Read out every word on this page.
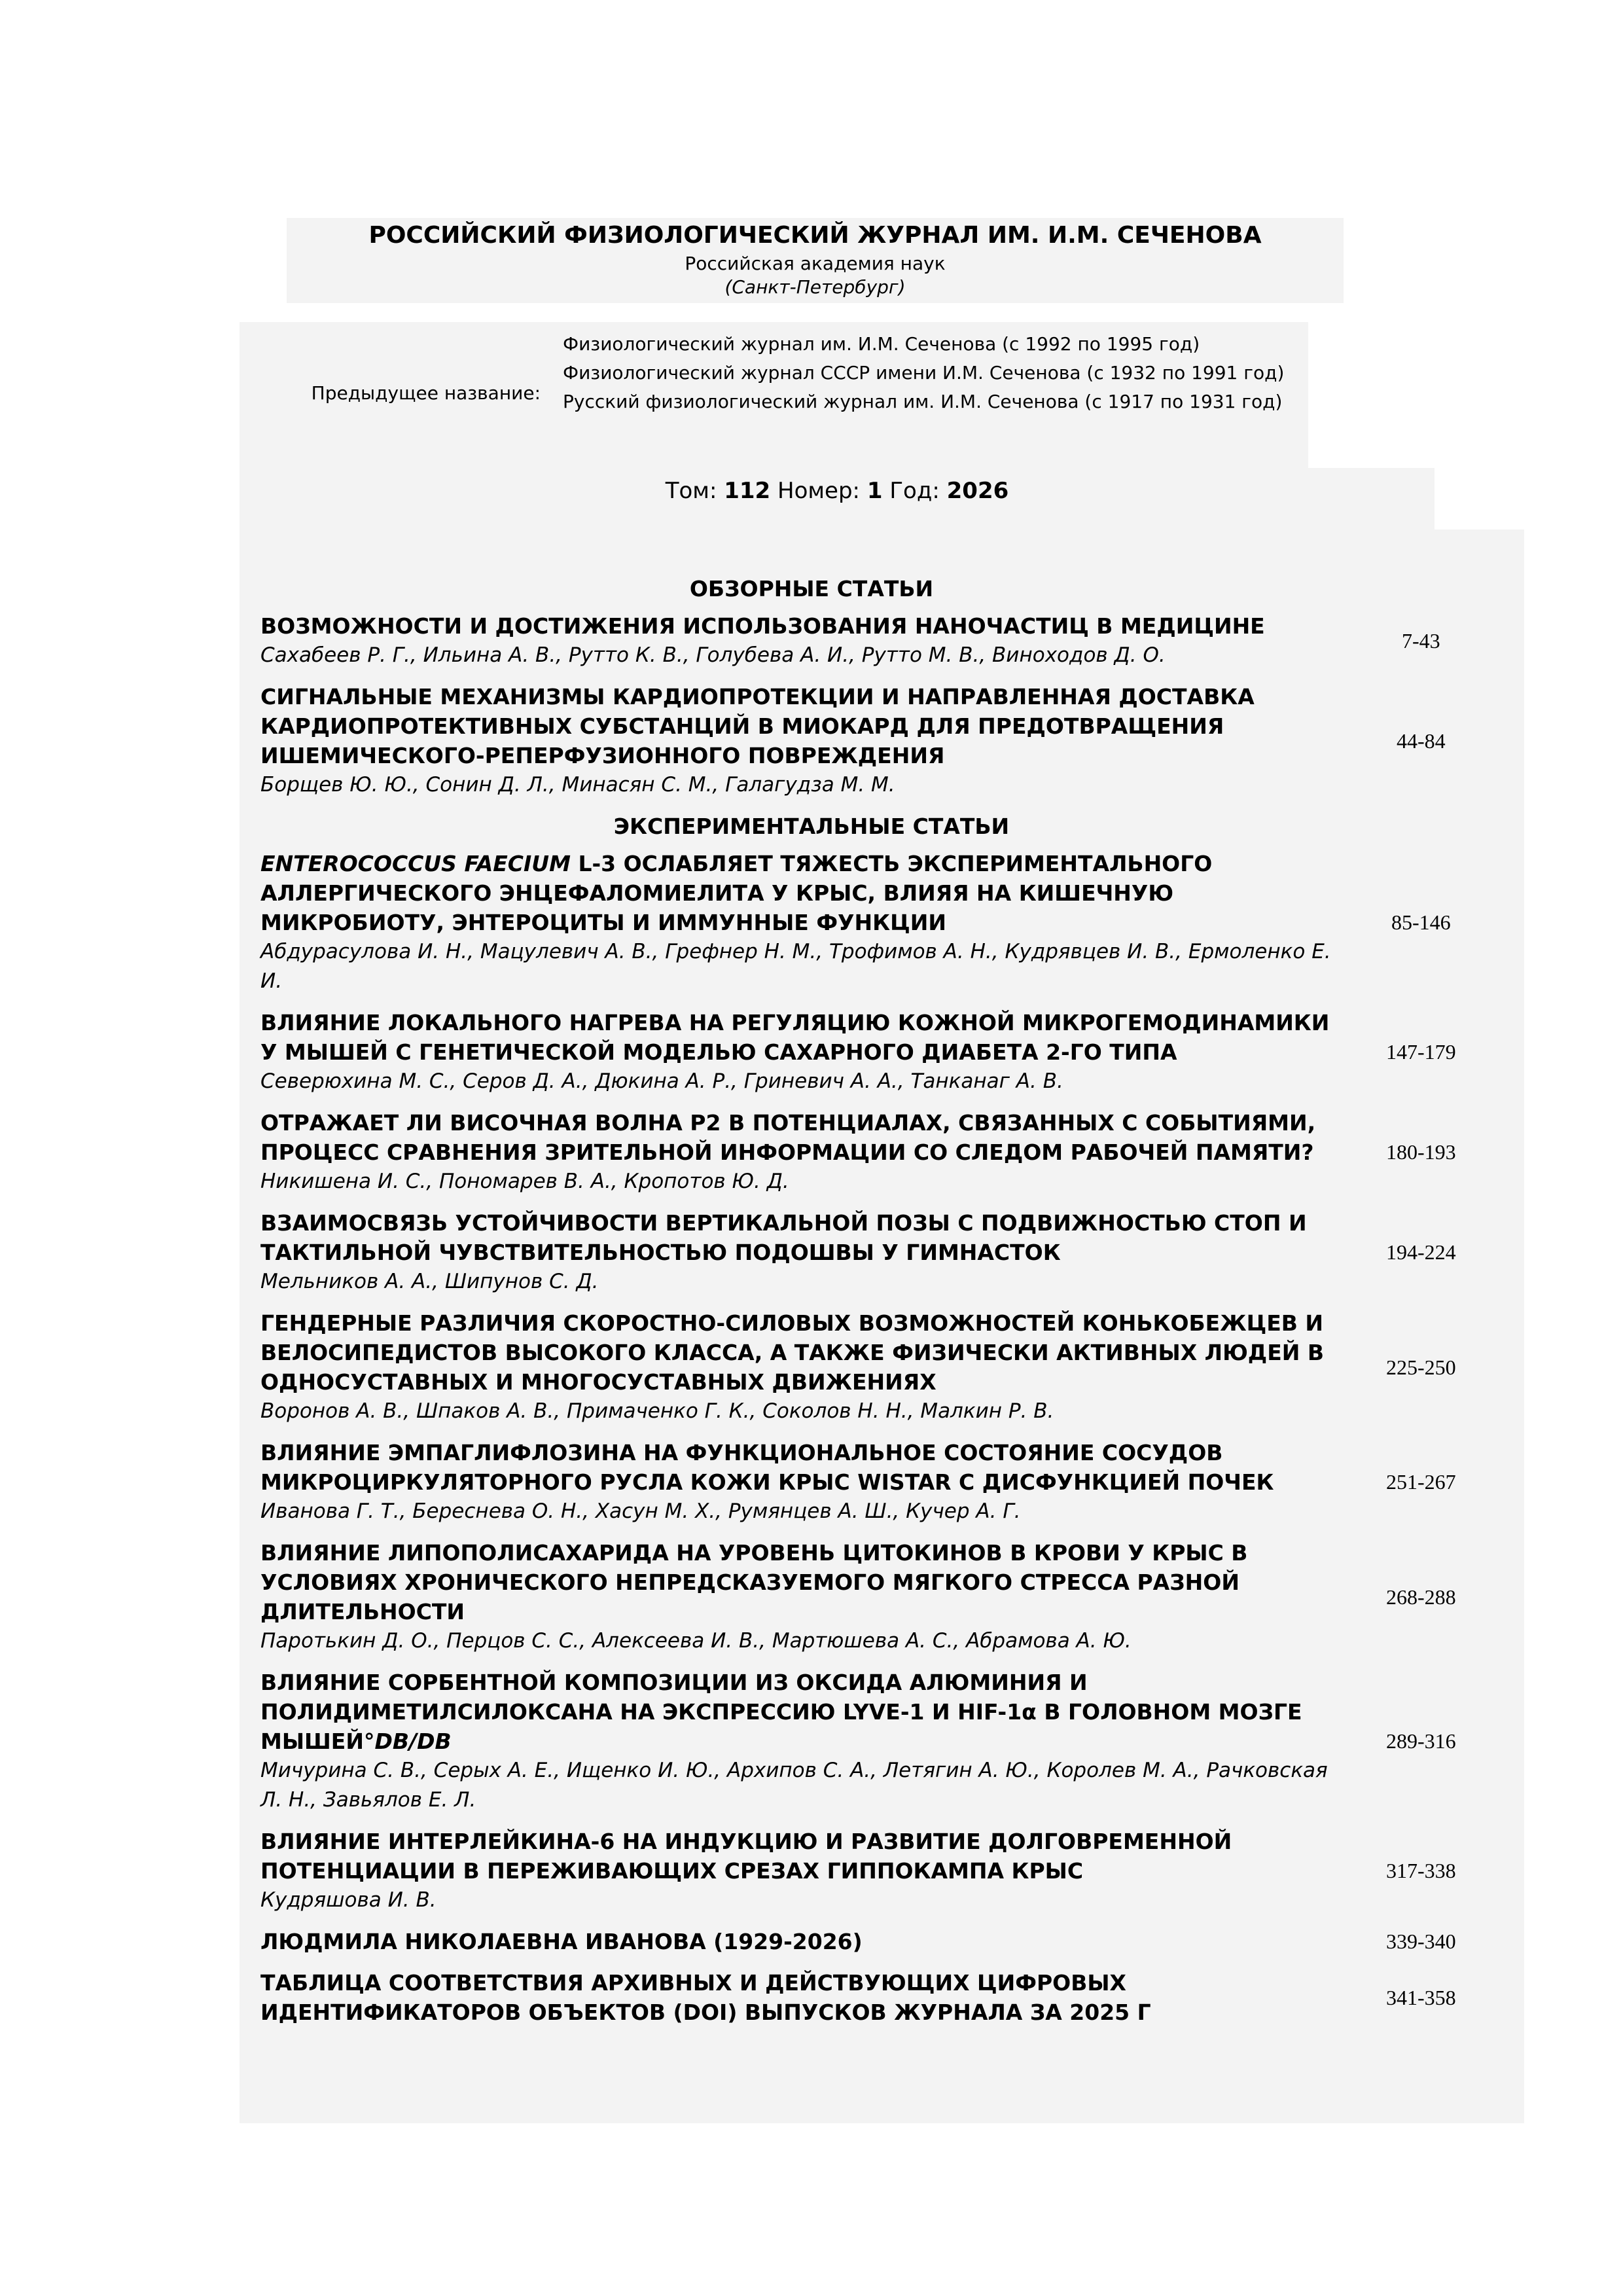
РОССИЙСКИЙ ФИЗИОЛОГИЧЕСКИЙ ЖУРНАЛ ИМ. И.М. СЕЧЕНОВА
Российская академия наук
(Санкт-Петербург)
Предыдущее название:
Физиологический журнал им. И.М. Сеченова (с 1992 по 1995 год)
Физиологический журнал СССР имени И.М. Сеченова (с 1932 по 1991 год)
Русский физиологический журнал им. И.М. Сеченова (с 1917 по 1931 год)
Том: 112 Номер: 1 Год: 2026
ОБЗОРНЫЕ СТАТЬИ
ВОЗМОЖНОСТИ И ДОСТИЖЕНИЯ ИСПОЛЬЗОВАНИЯ НАНОЧАСТИЦ В МЕДИЦИНЕ
Сахабеев Р. Г., Ильина А. В., Рутто К. В., Голубева А. И., Рутто М. В., Виноходов Д. О.
7-43
СИГНАЛЬНЫЕ МЕХАНИЗМЫ КАРДИОПРОТЕКЦИИ И НАПРАВЛЕННАЯ ДОСТАВКА КАРДИОПРОТЕКТИВНЫХ СУБСТАНЦИЙ В МИОКАРД ДЛЯ ПРЕДОТВРАЩЕНИЯ ИШЕМИЧЕСКОГО-РЕПЕРФУЗИОННОГО ПОВРЕЖДЕНИЯ
Борщев Ю. Ю., Сонин Д. Л., Минасян С. М., Галагудза М. М.
44-84
ЭКСПЕРИМЕНТАЛЬНЫЕ СТАТЬИ
ENTEROCOCCUS FAECIUM L-3 ОСЛАБЛЯЕТ ТЯЖЕСТЬ ЭКСПЕРИМЕНТАЛЬНОГО АЛЛЕРГИЧЕСКОГО ЭНЦЕФАЛОМИЕЛИТА У КРЫС, ВЛИЯЯ НА КИШЕЧНУЮ МИКРОБИОТУ, ЭНТЕРОЦИТЫ И ИММУННЫЕ ФУНКЦИИ
Абдурасулова И. Н., Мацулевич А. В., Грефнер Н. М., Трофимов А. Н., Кудрявцев И. В., Ермоленко Е. И.
85-146
ВЛИЯНИЕ ЛОКАЛЬНОГО НАГРЕВА НА РЕГУЛЯЦИЮ КОЖНОЙ МИКРОГЕМОДИНАМИКИ У МЫШЕЙ С ГЕНЕТИЧЕСКОЙ МОДЕЛЬЮ САХАРНОГО ДИАБЕТА 2-ГО ТИПА
Северюхина М. С., Серов Д. А., Дюкина А. Р., Гриневич А. А., Танканаг А. В.
147-179
ОТРАЖАЕТ ЛИ ВИСОЧНАЯ ВОЛНА P2 В ПОТЕНЦИАЛАХ, СВЯЗАННЫХ С СОБЫТИЯМИ, ПРОЦЕСС СРАВНЕНИЯ ЗРИТЕЛЬНОЙ ИНФОРМАЦИИ СО СЛЕДОМ РАБОЧЕЙ ПАМЯТИ?
Никишена И. С., Пономарев В. А., Кропотов Ю. Д.
180-193
ВЗАИМОСВЯЗЬ УСТОЙЧИВОСТИ ВЕРТИКАЛЬНОЙ ПОЗЫ С ПОДВИЖНОСТЬЮ СТОП И ТАКТИЛЬНОЙ ЧУВСТВИТЕЛЬНОСТЬЮ ПОДОШВЫ У ГИМНАСТОК
Мельников А. А., Шипунов С. Д.
194-224
ГЕНДЕРНЫЕ РАЗЛИЧИЯ СКОРОСТНО-СИЛОВЫХ ВОЗМОЖНОСТЕЙ КОНЬКОБЕЖЦЕВ И ВЕЛОСИПЕДИСТОВ ВЫСОКОГО КЛАССА, А ТАКЖЕ ФИЗИЧЕСКИ АКТИВНЫХ ЛЮДЕЙ В ОДНОСУСТАВНЫХ И МНОГОСУСТАВНЫХ ДВИЖЕНИЯХ
Воронов А. В., Шпаков А. В., Примаченко Г. К., Соколов Н. Н., Малкин Р. В.
225-250
ВЛИЯНИЕ ЭМПАГЛИФЛОЗИНА НА ФУНКЦИОНАЛЬНОЕ СОСТОЯНИЕ СОСУДОВ МИКРОЦИРКУЛЯТОРНОГО РУСЛА КОЖИ КРЫС WISTAR С ДИСФУНКЦИЕЙ ПОЧЕК
Иванова Г. Т., Береснева О. Н., Хасун М. Х., Румянцев А. Ш., Кучер А. Г.
251-267
ВЛИЯНИЕ ЛИПОПОЛИСАХАРИДА НА УРОВЕНЬ ЦИТОКИНОВ В КРОВИ У КРЫС В УСЛОВИЯХ ХРОНИЧЕСКОГО НЕПРЕДСКАЗУЕМОГО МЯГКОГО СТРЕССА РАЗНОЙ ДЛИТЕЛЬНОСТИ
Паротькин Д. О., Перцов С. С., Алексеева И. В., Мартюшева А. С., Абрамова А. Ю.
268-288
ВЛИЯНИЕ СОРБЕНТНОЙ КОМПОЗИЦИИ ИЗ ОКСИДА АЛЮМИНИЯ И ПОЛИДИМЕТИЛСИЛОКСАНА НА ЭКСПРЕССИЮ LYVE-1 И HIF-1α В ГОЛОВНОМ МОЗГЕ МЫШЕЙ°DB/DB
Мичурина С. В., Серых А. Е., Ищенко И. Ю., Архипов С. А., Летягин А. Ю., Королев М. А., Рачковская Л. Н., Завьялов Е. Л.
289-316
ВЛИЯНИЕ ИНТЕРЛЕЙКИНА-6 НА ИНДУКЦИЮ И РАЗВИТИЕ ДОЛГОВРЕМЕННОЙ ПОТЕНЦИАЦИИ В ПЕРЕЖИВАЮЩИХ СРЕЗАХ ГИППОКАМПА КРЫС
Кудряшова И. В.
317-338
ЛЮДМИЛА НИКОЛАЕВНА ИВАНОВА (1929-2026)	339-340
ТАБЛИЦА СООТВЕТСТВИЯ АРХИВНЫХ И ДЕЙСТВУЮЩИХ ЦИФРОВЫХ ИДЕНТИФИКАТОРОВ ОБЪЕКТОВ (DOI) ВЫПУСКОВ ЖУРНАЛА ЗА 2025 Г
341-358
